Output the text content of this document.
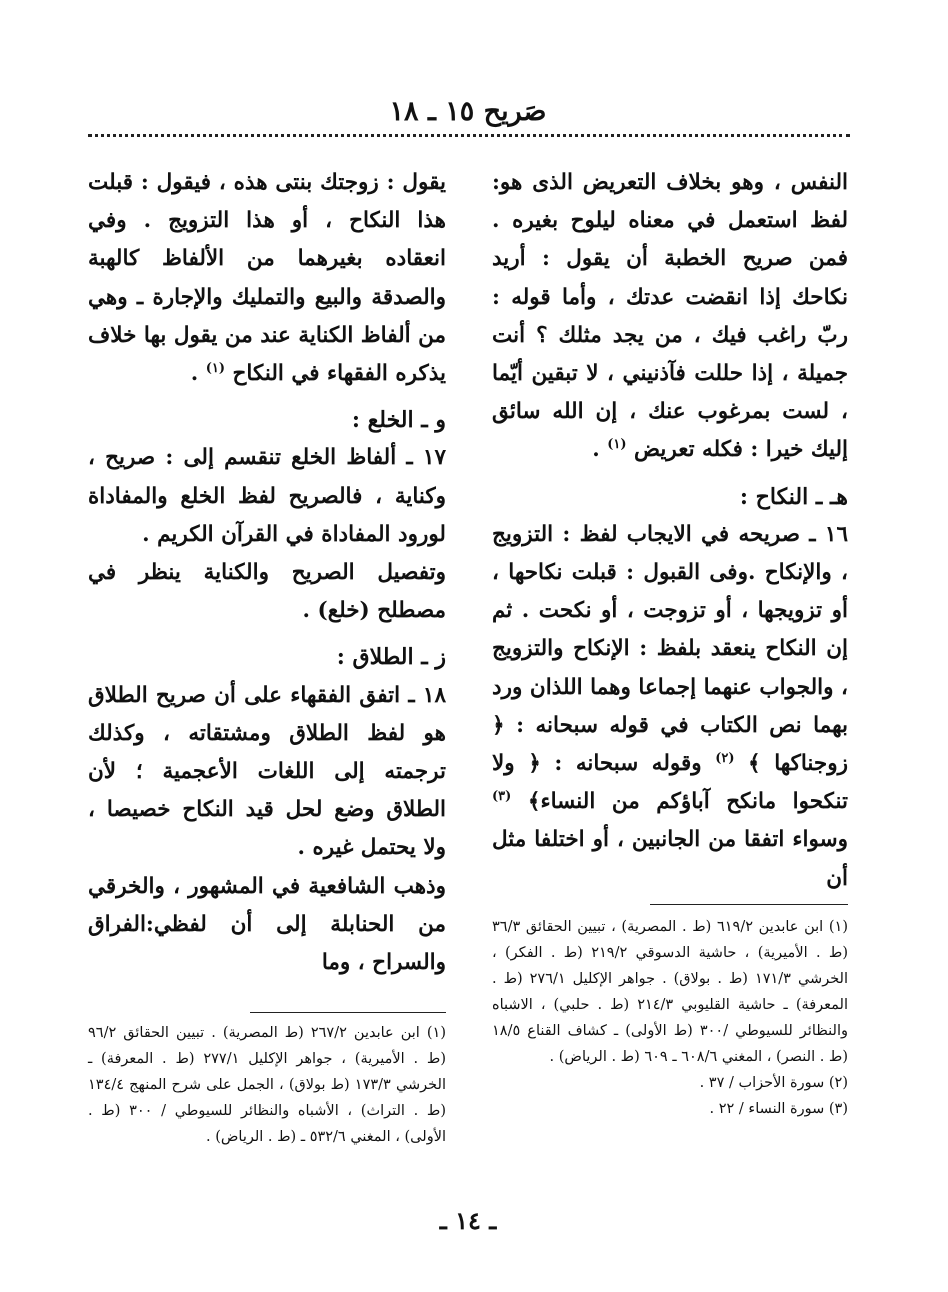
صَريح ١٥ ـ ١٨

النفس ، وهو بخلاف التعريض الذى هو: لفظ استعمل في معناه ليلوح بغيره . فمن صريح الخطبة أن يقول : أريد نكاحك إذا انقضت عدتك ، وأما قوله : ربّ راغب فيك ، من يجد مثلك ؟ أنت جميلة ، إذا حللت فآذنيني ، لا تبقين أيّما ، لست بمرغوب عنك ، إن الله سائق إليك خيرا : فكله تعريض $^{(١)}$ .

هـ ـ النكاح :

١٦ ـ صريحه في الايجاب لفظ : التزويج ، والإنكاح .وفى القبول : قبلت نكاحها ، أو تزويجها ، أو تزوجت ، أو نكحت . ثم إن النكاح ينعقد بلفظ : الإنكاح والتزويج ، والجواب عنهما إجماعا وهما اللذان ورد بهما نص الكتاب في قوله سبحانه : ﴿ زوجناكها ﴾ $^{(٢)}$ وقوله سبحانه : ﴿ ولا تنكحوا مانكح آباؤكم من النساء﴾ $^{(٣)}$ وسواء اتفقا من الجانبين ، أو اختلفا مثل أن

يقول : زوجتك بنتى هذه ، فيقول : قبلت هذا النكاح ، أو هذا التزويج . وفي انعقاده بغيرهما من الألفاظ كالهبة والصدقة والبيع والتمليك والإجارة ـ وهي من ألفاظ الكناية عند من يقول بها خلاف يذكره الفقهاء في النكاح $^{(١)}$ .

و ـ الخلع :

١٧ ـ ألفاظ الخلع تنقسم إلى : صريح ، وكناية ، فالصريح لفظ الخلع والمفاداة لورود المفاداة في القرآن الكريم .

وتفصيل الصريح والكناية ينظر في مصطلح (خلع) .

ز ـ الطلاق :

١٨ ـ اتفق الفقهاء على أن صريح الطلاق هو لفظ الطلاق ومشتقاته ، وكذلك ترجمته إلى اللغات الأعجمية ؛ لأن الطلاق وضع لحل قيد النكاح خصيصا ، ولا يحتمل غيره .

وذهب الشافعية في المشهور ، والخرقي من الحنابلة إلى أن لفظي:الفراق والسراح ، وما

(١) ابن عابدين ٦١٩/٢ (ط . المصرية) ، تبيين الحقائق ٣٦/٣ (ط . الأميرية) ، حاشية الدسوقي ٢١٩/٢ (ط . الفكر) ، الخرشي ١٧١/٣ (ط . بولاق) . جواهر الإكليل ٢٧٦/١ (ط . المعرفة) ـ حاشية القليوبي ٢١٤/٣ (ط . حلبي) ، الاشباه والنظائر للسيوطي /٣٠٠ (ط الأولى) ـ كشاف القناع ١٨/٥ (ط . النصر) ، المغني ٦٠٨/٦ ـ ٦٠٩ (ط . الرياض) .

(٢) سورة الأحزاب / ٣٧ .

(٣) سورة النساء / ٢٢ .

(١) ابن عابدين ٢٦٧/٢ (ط المصرية) . تبيين الحقائق ٩٦/٢ (ط . الأميرية) ، جواهر الإكليل ٢٧٧/١ (ط . المعرفة) ـ الخرشي ١٧٣/٣ (ط بولاق) ، الجمل على شرح المنهج ١٣٤/٤ (ط . التراث) ، الأشباه والنظائر للسيوطي / ٣٠٠ (ط . الأولى) ، المغني ٥٣٢/٦ ـ (ط . الرياض) .

ـ ١٤ ـ
